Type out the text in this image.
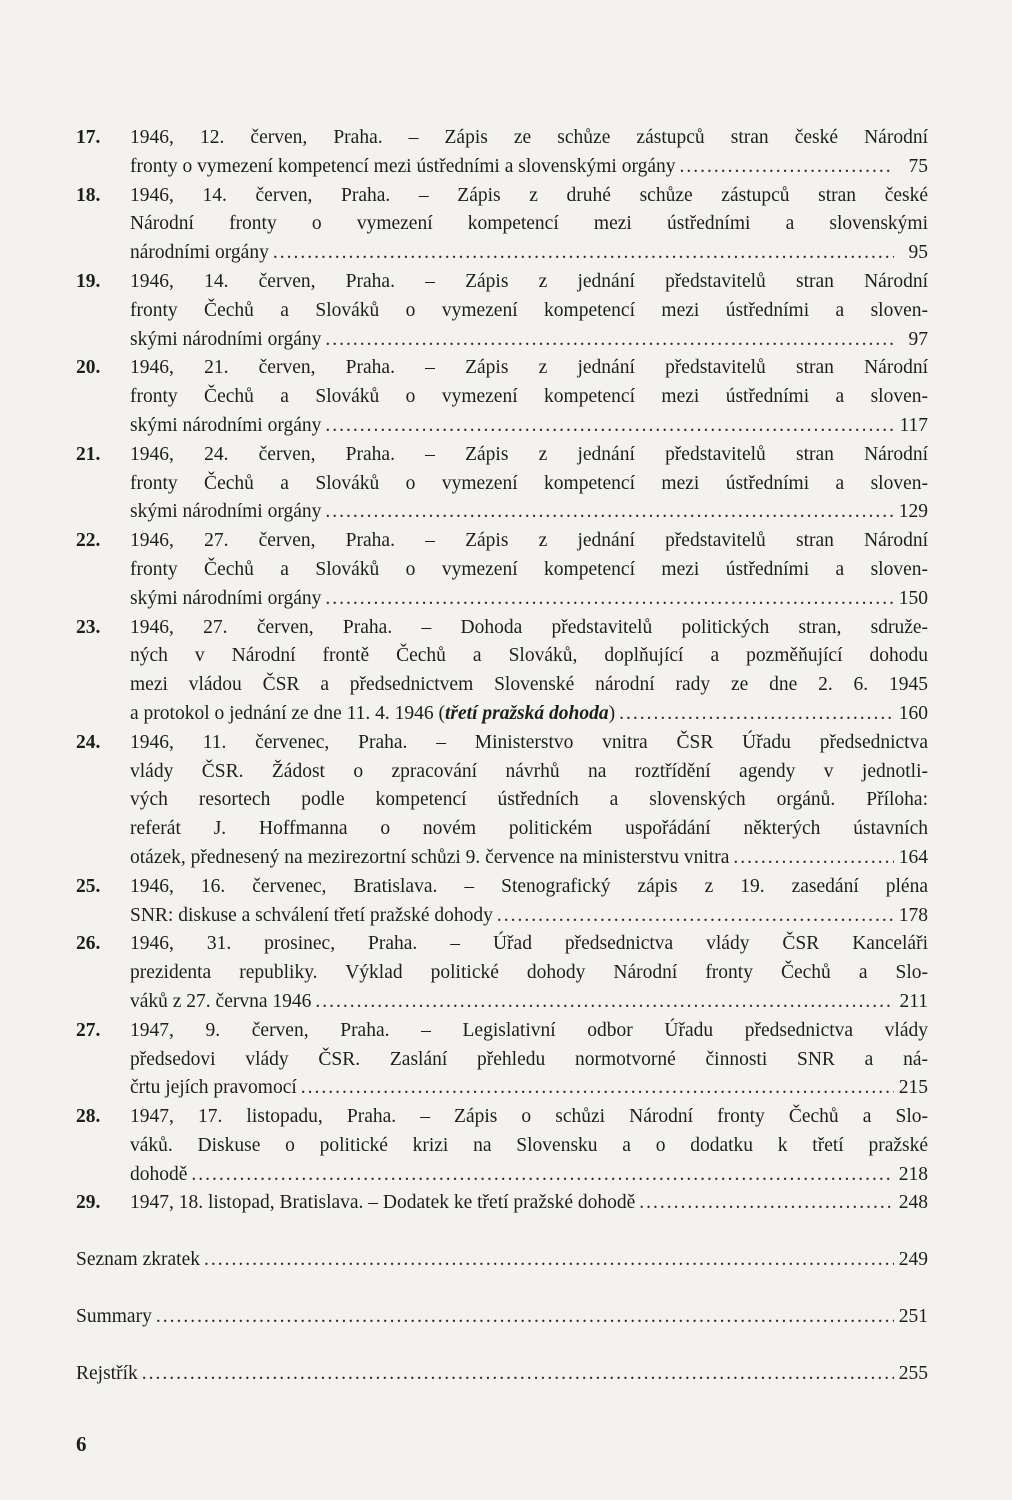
17.	1946, 12. červen, Praha. – Zápis ze schůze zástupců stran české Národní
fronty o vymezení kompetencí mezi ústředními a slovenskými orgány .....	75
18.	1946, 14. červen, Praha. – Zápis z druhé schůze zástupců stran české
Národní fronty o vymezení kompetencí mezi ústředními a slovenskými
národními orgány .....	95
19.	1946, 14. červen, Praha. – Zápis z jednání představitelů stran Národní
fronty Čechů a Slováků o vymezení kompetencí mezi ústředními a sloven-
skými národními orgány .....	97
20.	1946, 21. červen, Praha. – Zápis z jednání představitelů stran Národní
fronty Čechů a Slováků o vymezení kompetencí mezi ústředními a sloven-
skými národními orgány .....	117
21.	1946, 24. červen, Praha. – Zápis z jednání představitelů stran Národní
fronty Čechů a Slováků o vymezení kompetencí mezi ústředními a sloven-
skými národními orgány .....	129
22.	1946, 27. červen, Praha. – Zápis z jednání představitelů stran Národní
fronty Čechů a Slováků o vymezení kompetencí mezi ústředními a sloven-
skými národními orgány .....	150
23.	1946, 27. červen, Praha. – Dohoda představitelů politických stran, sdruže-
ných v Národní frontě Čechů a Slováků, doplňující a pozměňující dohodu
mezi vládou ČSR a předsednictvem Slovenské národní rady ze dne 2. 6. 1945
a protokol o jednání ze dne 11. 4. 1946 ( třetí pražská dohoda ) .....	160
24.	1946, 11. červenec, Praha. – Ministerstvo vnitra ČSR Úřadu předsednictva
vlády ČSR. Žádost o zpracování návrhů na roztřídění agendy v jednotli-
vých resortech podle kompetencí ústředních a slovenských orgánů. Příloha:
referát J. Hoffmanna o novém politickém uspořádání některých ústavních
otázek, přednesený na mezirezortní schůzi 9. července na ministerstvu vnitra .....	164
25.	1946, 16. červenec, Bratislava. – Stenografický zápis z 19. zasedání pléna
SNR: diskuse a schválení třetí pražské dohody .....	178
26.	1946, 31. prosinec, Praha. – Úřad předsednictva vlády ČSR Kanceláři
prezidenta republiky. Výklad politické dohody Národní fronty Čechů a Slo-
váků z 27. června 1946 .....	211
27.	1947, 9. červen, Praha. – Legislativní odbor Úřadu předsednictva vlády
předsedovi vlády ČSR. Zaslání přehledu normotvorné činnosti SNR a ná-
črtu jejích pravomocí .....	215
28.	1947, 17. listopadu, Praha. – Zápis o schůzi Národní fronty Čechů a Slo-
váků. Diskuse o politické krizi na Slovensku a o dodatku k třetí pražské
dohodě .....	218
29.	1947, 18. listopad, Bratislava. – Dodatek ke třetí pražské dohodě .....	248
Seznam zkratek .....	249
Summary .....	251
Rejstřík .....	255
6
